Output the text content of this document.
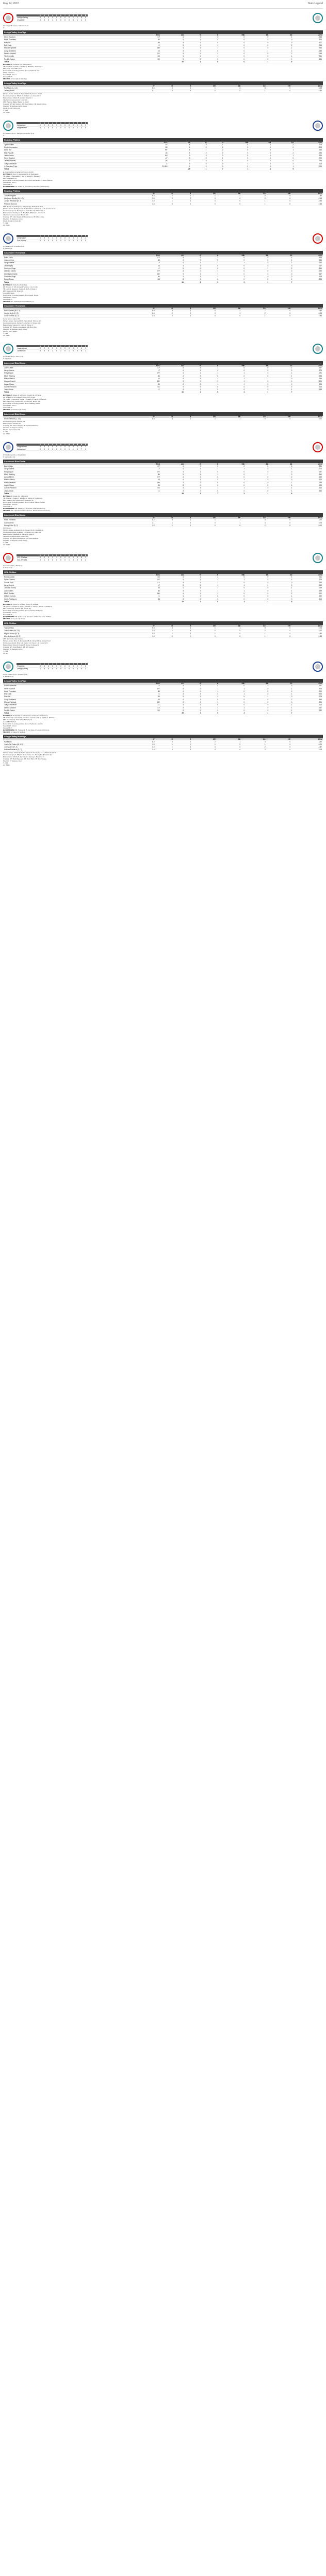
May 24, 2012	Stats Legend
	1	2	3	4	5	6	7	8	9	R	H	E
Lehigh Valley	0	0	0	0	0	0	0	0	1	1	6	0
Charlotte	0	0	0	1	0	0	0	0	0	1	4	0
W: Joaquin B. (3-1) L: Schuette (4-2)
S:
Lehigh Valley IronPigs
	POS	AB	R	H	RBI	BB	SO	AVG
Steve Bourbon	CF	4	0	0	0	0	1	.268
Kevin Frandsen	3B	4	0	2	0	0	0	.320
Pete Orr	2B	4	0	0	0	0	0	.277
Erik Kratz	C	3	0	1	0	0	1	.315
Michael Spidale	DH	3	0	1	0	0	1	.254
Cody Overbeck	1B	3	0	0	0	1	2	.269
Derrick Mitchell	RF	3	0	1	0	0	2	.246
Tim Kennelly	SS	3	1	1	0	0	1	.241
Freddy Galvis	SS	3	0	0	0	0	1	.236
Totals		30	1	6	0	1	9	
BATTING 2B: Frandsen (15, off Gardner).
TB: Frandsen 2, Kratz 1, Spidale 1, Mitchell 1, Kennelly 1.
RBI: none. 2-out RBI: none.
Runners left in scoring position, 2 out: Overbeck, Orr.
GIDP: Frandsen.
Team RISP: 0-for-4.
Team LOB: 5.
FIELDING E: Kennelly (7, fielding).
Lehigh Valley IronPigs
	IP	H	R	ER	BB	SO	HR	ERA
Pat Misch (L, 3-3)	8.0	4	1	1	2	8	0	3.48
Jeremy Horst	0.1	0	0	0	0	1	0	2.84
Pitches-strikes: Misch 79-48, Horst 52-36, Alvarez 23-15.
Groundouts-flyouts: Misch 10-8, Horst 1-1, Alvarez 0-0.
Batters faced: Misch 26, Horst 7, Alvarez 4.
Inherited runners-scored: Horst 1-0.
HBP: Salome Bailey. Batted by Misch.
Umpires: HP: Eric Gordon. 1B: Ryan Mahon. 3B: Jacob Urbino.
Weather: 80 degrees, partly cloudy.
Wind: 11 mph, Out to LF.
T: 2:36.
Att: 5,032.
	1	2	3	4	5	6	7	8	9	R	H	E
Lakewood	1	0	0	0	0	0	0	0	0	1	5	2
Hagerstown	0	1	0	0	1	0	0	0	x	2	3	0
W: Gleason (2-1) L: Muzyka-Hernandez (1-4)
S:
Reading Phillies
	POS	AB	R	H	RBI	BB	SO	AVG
Tyson Gillies	CF	4	0	1	0	0	2	.278
Cesar Hernandez	2B	4	0	2	0	0	0	.315
Darin Ruf	RF	4	1	2	0	0	1	.283
Matt Rizzotti	1B	4	0	0	0	0	2	.236
Jason Jones	DH	3	0	0	0	1	1	.235
Steve Susdorf	LF	3	0	1	0	0	0	.290
Jeremy Barnes	3B	3	0	1	0	0	0	.266
Tuffy Gosewisch	C	3	0	0	1	0	2	.215
Jr. Brandon Tripp	PH-DH	1	0	0	0	0	1	.000
Totals		29	1	7	1	1	9	
a -Grounded into a fielder's choice in the 9th.
BATTING 2B: Ruef 1, Hernandez (9, off Rodriguez).
TB: Gillies 1, Hernandez 3, Ruf 2, Susdorf 1, Barnes 1.
RBI: Gosewisch (3).
Runners left in scoring position, 2 out: Ruf, Hernandez 2, Jones, Barnes.
Team RISP: 0-for-7.
Team LOB: 7.
BASERUNNING CS: Gillies (6, 2nd base by Morrison (Whitehurst)).
Reading Phillies
	IP	H	R	ER	BB	SO	HR	ERA
Julio Rodriguez	6.0	2	1	1	2	5	0	1.84
Lisalverto Bonilla (W, 1-0)	1.0	0	0	0	0	2	0	2.45
Jordan Whatcott (H, 3)	1.0	1	0	0	0	1	0	2.53
Phillippe Aumont	1.0	0	0	0	0	1	0	2.35
HBP: Ruf (8, by Rodriguez). Plagman (by Rodriguez), Ruf.
Pitches-strikes: Rodriguez 96-58, Bonilla 11-7, Whatcott 13-9, Aumont 16-12.
Groundouts-flyouts: Rodriguez 6-2, Bonilla 2-0, Whatcott 0-2.
Batters faced: Rodriguez 24, Bonilla 3, Whatcott 4, Aumont 3.
Inherited runners-scored: Bonilla 1-0.
Umpires: HP: Chris Segal. 1B: Dave Lanza. 3B: Mike Lusky.
Weather: 81 degrees, sunny.
Wind: 11 mph, In from RF.
T: 2:49.
Att: 6,421.
	1	2	3	4	5	6	7	8	9	R	H	E
Clearwater	1	0	0	1	0	0	0	0	0	2	5	1
Fort Myers	0	0	0	0	0	0	0	0	0	0	5	0
W: Biddle (3-2) L: Hurlbut (3-4)
S: Garner (4)
Clearwater Threshers
	POS	AB	R	H	RBI	BB	SO	AVG
Peter Lavin	CF	4	0	1	0	0	1	.269
Jesus Urbino	3B	4	0	0	0	0	1	.254
Larry Greene	LF	4	1	1	1	0	2	.244
Jim Murphy	1B	4	0	0	0	0	0	.257
Cameron Rupp	C	3	0	0	0	1	2	.241
Leandro Castro	RF	3	0	1	0	0	0	.290
Christopher Duffy	DH	3	0	1	0	0	0	.247
Cameron Rupp	2B	3	1	1	1	0	0	.225
Edgar Duran	SS	3	0	0	0	0	1	.230
Totals		31	2	5	2	1	7	
BATTING 2B: Duffy (5, off Hurlbut).
HR: Greene (7, 4th inning off Tuckers, 1 on, 0 out).
TB: Lavin 1, Greene 4, Castro 1, Duffy 2, Rupp 1.
RBI: Greene 2 (22), Rupp (8).
2-out RBI: Rupp.
Runners left in scoring position, 2 out: Lavin, Duran.
Team RISP: 1-for-3.
Team LOB: 4.
FIELDING DP: (Cartwright-Duran-Murphy, 2).
Clearwater Threshers
	IP	H	R	ER	BB	SO	HR	ERA
Perci Garner (W, 3-1)	6.0	3	0	0	2	7	0	3.40
Hector Neris (H, 2)	2.0	2	0	0	1	2	0	4.26
Colby Shreve (S, 2)	1.0	0	0	0	0	1	0	2.86
Game Score: Garner 64.
Pitches-strikes: Garner 86-55, Neris 36-22, Shreve 13-9.
Groundouts-flyouts: Garner 7-5, Neris 2-1, Shreve 1-1.
Batters faced: Garner 23, Neris 9, Shreve 3.
Umpires: HP: Shane Livensparger. 1B: Brett Terry.
Weather: 88 degrees, partly cloudy.
Wind: 6 mph, Varies.
T: 2:30.
Att: 2,187.
	1	2	3	4	5	6	7	8	9	R	H	E
Hagerstown	0	0	0	2	0	0	0	0	0	2	4	1
Lakewood	0	0	0	1	0	2	0	1	x	4	8	1
W: Rinaldi (5-2) L: Sims (1-4)
S: Cloyd (6)
Lakewood BlueClaws
	POS	AB	R	H	RBI	BB	SO	AVG
Zach Collier	CF	4	0	1	0	0	1	.257
Larry Greene	LF	4	1	2	0	0	0	.276
Kelly Dugan	RF	4	1	1	1	0	1	.291
Mitch Walding	3B	4	0	0	0	0	1	.238
Maikel Franco	1B	3	1	1	1	1	0	.268
Marcus Knecht	DH	3	0	2	1	0	1	.301
Logan Moore	2B	3	1	1	1	0	0	.205
Carlos Perdomo	SS	3	0	0	0	0	2	.206
Jesus Meza	C	3	0	0	0	0	1	.245
Totals		31	4	8	4	1	7	
BATTING 2B: Moore (4, off Sims), Knecht (11, off Sims).
HR: Franco (5, 6th inning off Sims, 0 on, 1 out).
TB: Collier 1, Greene 2, Dugan 1, Franco 4, Knecht 3, Moore 2.
RBI: Dugan (14), Franco (21), Knecht (22), Moore (11).
Runners left in scoring position, 2 out: Walding, Meza.
Team RISP: 3-for-7.
Team LOB: 5.
FIELDING E: Perdomo (9, throw).
Lakewood BlueClaws
	IP	H	R	ER	BB	SO	HR	ERA
Ethan Stewart (L, 3-5)	6.0	4	2	2	1	5	0	3.20
Groundouts-flyouts: Stewart 9-4.
Batters faced: Stewart 24.
Umpires: HP: Jason Hodges. 1B: Garrett Patterson.
Weather: 72 degrees, cloudy.
Wind: 6 mph, In from CF.
T: 2:22.
Att: 5,119.
	1	2	3	4	5	6	7	8	9	R	H	E
Hagerstown	0	0	0	0	0	1	0	0	0	1	6	1
Lakewood	0	0	0	0	2	0	0	1	x	3	7	0
W: Pettibone (4-3) L: Roark (2-3)
S: Hernandez (4)
Lakewood BlueClaws
	POS	AB	R	H	RBI	BB	SO	AVG
Zach Collier	CF	4	0	0	0	0	1	.251
Larry Greene	LF	4	1	1	1	0	1	.275
Kelly Dugan	RF	4	0	2	0	0	0	.297
Mitch Walding	3B	3	1	1	0	1	0	.241
Aaron Altherr	RF	4	0	0	0	0	2	.269
Maikel Franco	1B	4	1	2	1	0	0	.274
Marcus Knecht	DH	3	0	0	0	0	1	.295
Logan Moore	2B	3	0	0	0	0	1	.200
Carlos Perdomo	SS	3	0	1	1	0	1	.210
Jesus Meza	C	3	0	0	0	0	1	.240
Totals		35	3	7	3	1	8	
BATTING 2B: Dugan (12, off Roark).
TB: Greene 1, Dugan 3, Walding 1, Franco 2, Perdomo 1.
RBI: Greene (19), Franco (22), Perdomo (6).
Runners left in scoring position, 2 out: Knecht, Moore, Collier.
Team RISP: 3-for-10.
Team LOB: 7.
BASERUNNING SB: Walding (4, 2nd base off Roark/Ramos).
FIELDING DP: 2 (Perdomo-Moore-Franco, Moore-Perdomo-Franco).
Lakewood BlueClaws
	IP	H	R	ER	BB	SO	HR	ERA
Mario Hollands	5.2	4	1	1	1	4	0	3.20
Colin Kleven	2.1	1	0	0	1	3	0	3.75
Kenny Giles (S, 2)	1.0	1	0	0	0	2	0	0.00
WP: Kleven.
Pitches-strikes: Hollands 88-56, Kleven 32-20, Giles 18-12.
Groundouts-flyouts: Hollands 7-6, Kleven 2-1, Giles 1-0.
Batters faced: Hollands 22, Kleven 8, Giles 4.
Inherited runners-scored: Kleven 1-0.
Umpires: HP: Brian Deschamps. 1B: Chad Whitson.
Weather: 78 degrees, partly cloudy.
T: 2:41.
Att: 6,734.
	1	2	3	4	5	6	7	8	9	R	H	E
GCL Phillies	0	0	0	2	1	0	0	0	0	3	8	1
GCL Pirates	0	1	0	0	0	0	0	1	0	2	6	2
W: Castro (2-0) L: Bell (0-1)
S: Alvarez (2)
GCL Phillies
	POS	AB	R	H	RBI	BB	SO	AVG
Roman Quinn	SS	4	1	2	0	0	1	.311
Dylan Cozens	RF	4	0	1	1	0	2	.275
Carlos Tocci	CF	4	0	1	0	0	0	.264
Larry Greene	LF	3	1	1	1	1	0	.240
Jiandido Tromp	1B	4	1	1	0	0	1	.239
Zach Green	3B	3	0	1	1	0	1	.259
Mitch Gueller	DH	4	0	1	0	0	2	.201
Willian Cuevas	C	3	0	0	0	0	1	.220
Herlis Rodriguez	2B	3	0	0	0	0	0	.212
Totals		32	3	8	3	1	8	
BATTING 2B: Quinn (4, off Bell), Tromp (3, off Bell).
TB: Quinn 3, Cozens 1, Tocci 1, Greene 1, Tromp 2, Green 1, Gueller 1.
RBI: Cozens (9), Greene (12), Green (8).
Runners left in scoring position, 2 out: Cuevas, Rodriguez.
Team RISP: 2-for-8.
Team LOB: 6.
BASERUNNING SB: Quinn 2 (11, 2nd base off Bell, 3rd base off Bell).
FIELDING E: Cuevas (3, throw).
GCL Phillies
	IP	H	R	ER	BB	SO	HR	ERA
Yacksel Rios	5.0	4	1	1	1	5	0	2.74
Jose Castro (W, 2-0)	2.0	1	0	0	0	2	0	3.12
Miguel Nunez (H, 3)	1.0	1	1	1	0	1	0	4.50
Alberto Alvarez (S, 2)	1.0	0	0	0	0	1	0	1.35
HBP: Fernandez (by Castro).
Pitches-strikes: Rios 71-46, Castro 28-19, Nunez 19-12, Alvarez 11-8.
Groundouts-flyouts: Rios 6-4, Castro 3-1, Nunez 1-1, Alvarez 2-0.
Batters faced: Rios 20, Castro 8, Nunez 5, Alvarez 3.
Umpires: HP: Ryan Blakney. 1B: Jeff Gosney.
Weather: 91 degrees, sunny.
T: 2:33.
Att: 112.
	1	2	3	4	5	6	7	8	9	R	H	E
Charlotte	0	0	0	0	0	2	0	0	0	2	7	0
Lehigh Valley	1	0	0	0	0	0	2	0	x	3	9	1
W: De Fratus (1-0) L: Houston (2-3)
S: Bastardo (7)
Lehigh Valley IronPigs
	POS	AB	R	H	RBI	BB	SO	AVG
Scott Podsednik	LF	4	1	2	0	0	0	.281
Steve Susdorf	RF	4	0	1	1	0	1	.303
Kevin Frandsen	3B	4	0	1	0	0	0	.321
Erik Kratz	C	4	1	2	1	0	1	.324
Pete Orr	2B	3	0	1	0	1	0	.278
Cody Overbeck	1B	4	0	0	0	0	2	.266
Michael Spidale	DH	3	1	1	0	0	0	.256
Tuffy Gosewisch	C	3	0	0	0	0	1	.210
Derrick Mitchell	CF	3	0	1	1	0	1	.247
Freddy Galvis	SS	3	0	0	0	0	1	.232
Totals		35	3	9	3	1	7	
BATTING 2B: Podsednik (7, off Houston), Kratz (13, off Houston).
TB: Podsednik 3, Susdorf 1, Frandsen 1, Kratz 3, Orr 1, Spidale 1, Mitchell 1.
RBI: Susdorf (17), Kratz (26), Mitchell (14).
2-out RBI: Mitchell.
Runners left in scoring position, 2 out: Overbeck 2, Galvis.
Team RISP: 3-for-9.
Team LOB: 7.
BASERUNNING SB: Podsednik (5, 2nd base off Houston/Chirinos).
FIELDING E: Galvis (6, fielding).
Lehigh Valley IronPigs
	IP	H	R	ER	BB	SO	HR	ERA
Pat Misch	6.0	5	2	2	1	4	0	3.52
Justin De Fratus (W, 1-0)	1.0	1	0	0	0	1	0	0.00
Joe Savery (H, 4)	1.0	1	0	0	0	2	0	2.57
Antonio Bastardo (S, 7)	1.0	0	0	0	0	2	0	2.08
Pitches-strikes: Misch 84-55, De Fratus 15-10, Savery 17-12, Bastardo 14-10.
Groundouts-flyouts: Misch 8-6, De Fratus 1-1, Savery 1-0, Bastardo 0-1.
Batters faced: Misch 24, De Fratus 4, Savery 4, Bastardo 3.
Umpires: HP: Mark Ripperger. 1B: Scott Barry. 3B: Ron Teague.
Weather: 77 degrees, clear.
T: 2:38.
Att: 8,842.
